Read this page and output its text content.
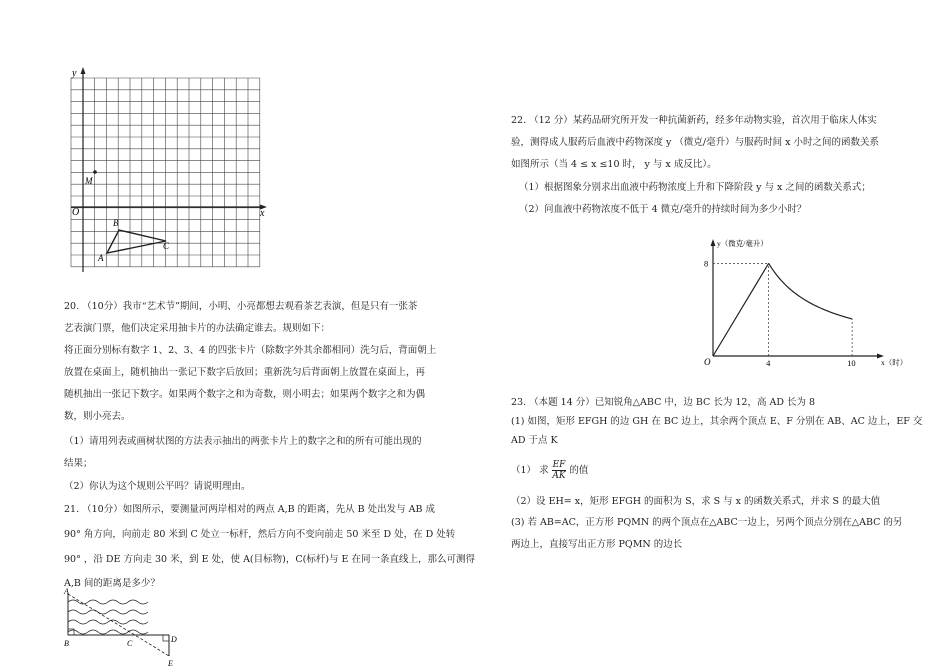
y
x
O
M
A
B
C
20. （10分）我市“艺术节”期间，小明、小亮都想去观看茶艺表演，但是只有一张茶
艺表演门票，他们决定采用抽卡片的办法确定谁去。规则如下：
将正面分别标有数字 1、2、3、4 的四张卡片（除数字外其余都相同）洗匀后，背面朝上
放置在桌面上，随机抽出一张记下数字后放回；重新洗匀后背面朝上放置在桌面上，再
随机抽出一张记下数字。如果两个数字之和为奇数，则小明去；如果两个数字之和为偶
数，则小亮去。
（1）请用列表或画树状图的方法表示抽出的两张卡片上的数字之和的所有可能出现的
结果；
（2）你认为这个规则公平吗？请说明理由。
21. （10分）如图所示，要测量河两岸相对的两点 A,B 的距离，先从 B 处出发与 AB 成
90° 角方向，向前走 80 米到 C 处立一标杆，然后方向不变向前走 50 米至 D 处，在 D 处转
90° ，沿 DE 方向走 30 米，到 E 处，使 A(目标物)，C(标杆)与 E 在同一条直线上，那么可测得
A,B 间的距离是多少？
A
B	C	D
E
22. （12 分）某药品研究所开发一种抗菌新药，经多年动物实验，首次用于临床人体实
验，测得成人服药后血液中药物深度 y （微克/毫升）与服药时间 x 小时之间的函数关系
如图所示（当 4 ≤ x ≤10 时， y 与 x 成反比）。
（1）根据图象分别求出血液中药物浓度上升和下降阶段 y 与 x 之间的函数关系式；
（2）问血液中药物浓度不低于 4 微克/毫升的持续时间为多少小时？
O	4	10
8
y（微克/毫升）
x（时）
23. （本题 14 分）已知锐角△ABC 中，边 BC 长为 12，高 AD 长为 8
(1) 如图，矩形 EFGH 的边 GH 在 BC 边上，其余两个顶点 E、F 分别在 AB、AC 边上，EF 交
AD 于点 K
（1） 求 $\frac{EF}{AK}$ 的值
（2）设 EH= x，矩形 EFGH 的面积为 S，求 S 与 x 的函数关系式，并求 S 的最大值
(3) 若 AB=AC，正方形 PQMN 的两个顶点在△ABC一边上，另两个顶点分别在△ABC 的另
两边上，直接写出正方形 PQMN 的边长
